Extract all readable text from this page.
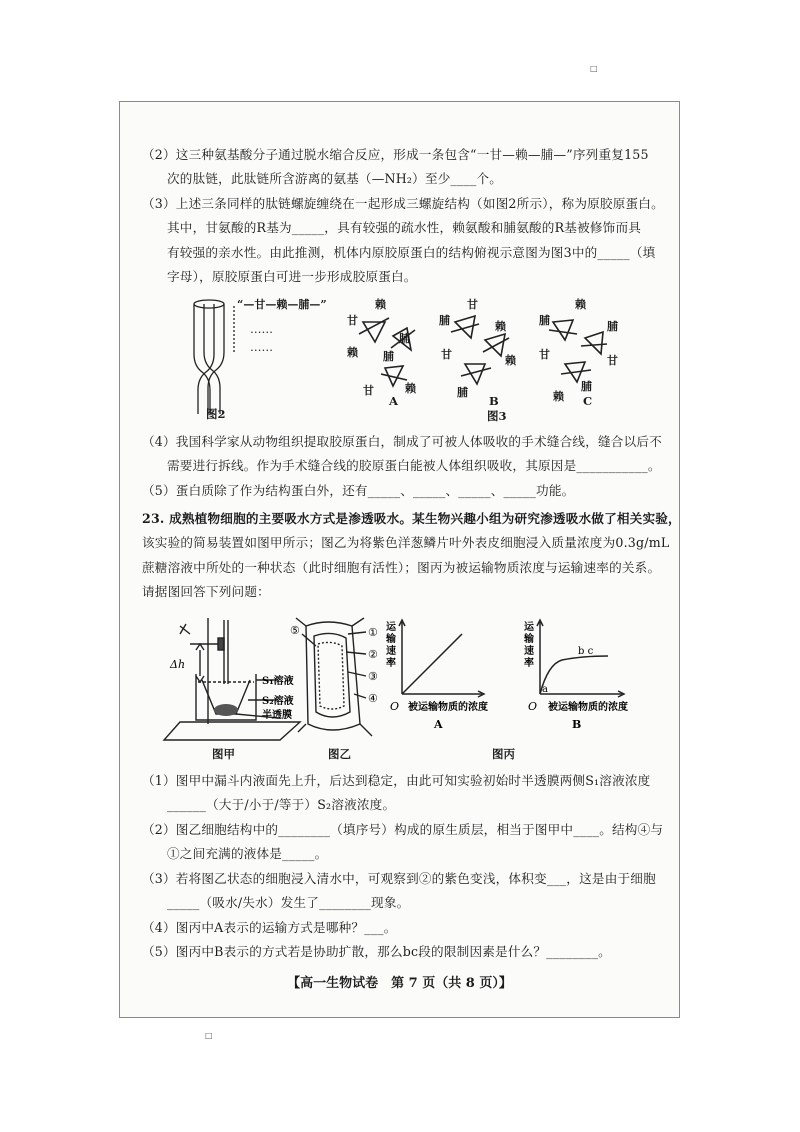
□
□
（2）这三种氨基酸分子通过脱水缩合反应，形成一条包含“一甘—赖—脯—”序列重复155
次的肽链，此肽链所含游离的氨基（—NH₂）至少____个。
（3）上述三条同样的肽链螺旋缠绕在一起形成三螺旋结构（如图2所示），称为原胶原蛋白。
其中，甘氨酸的R基为_____，具有较强的疏水性，赖氨酸和脯氨酸的R基被修饰而具
有较强的亲水性。由此推测，机体内原胶原蛋白的结构俯视示意图为图3中的_____（填
字母），原胶原蛋白可进一步形成胶原蛋白。
“—甘—赖—脯—”
……
……
图2
赖
甘
脯
赖 脯
甘	赖
甘
脯	赖
甘	赖
脯
赖
脯	脯
甘	甘
脯
赖
A	B	C
图3
（4）我国科学家从动物组织提取胶原蛋白，制成了可被人体吸收的手术缝合线，缝合以后不
需要进行拆线。作为手术缝合线的胶原蛋白能被人体组织吸收，其原因是___________。
（5）蛋白质除了作为结构蛋白外，还有_____、_____、_____、_____功能。
23. 成熟植物细胞的主要吸水方式是渗透吸水。某生物兴趣小组为研究渗透吸水做了相关实验，
该实验的简易装置如图甲所示；图乙为将紫色洋葱鳞片叶外表皮细胞浸入质量浓度为0.3g/mL
蔗糖溶液中所处的一种状态（此时细胞有活性）；图丙为被运输物质浓度与运输速率的关系。
请据图回答下列问题：
Δh
S₁溶液
S₂溶液
半透膜
图甲
①
②
③
④
⑤
图乙
运
输
速
率
运
输
速
率
被运输物质的浓度	被运输物质的浓度
a
b c
O	O
A	B
图丙
（1）图甲中漏斗内液面先上升，后达到稳定，由此可知实验初始时半透膜两侧S₁溶液浓度
______（大于/小于/等于）S₂溶液浓度。
（2）图乙细胞结构中的________（填序号）构成的原生质层，相当于图甲中____。结构④与
①之间充满的液体是_____。
（3）若将图乙状态的细胞浸入清水中，可观察到②的紫色变浅，体积变___，这是由于细胞
_____（吸水/失水）发生了________现象。
（4）图丙中A表示的运输方式是哪种？___。
（5）图丙中B表示的方式若是协助扩散，那么bc段的限制因素是什么？________。
【高一生物试卷　第 7 页（共 8 页）】
